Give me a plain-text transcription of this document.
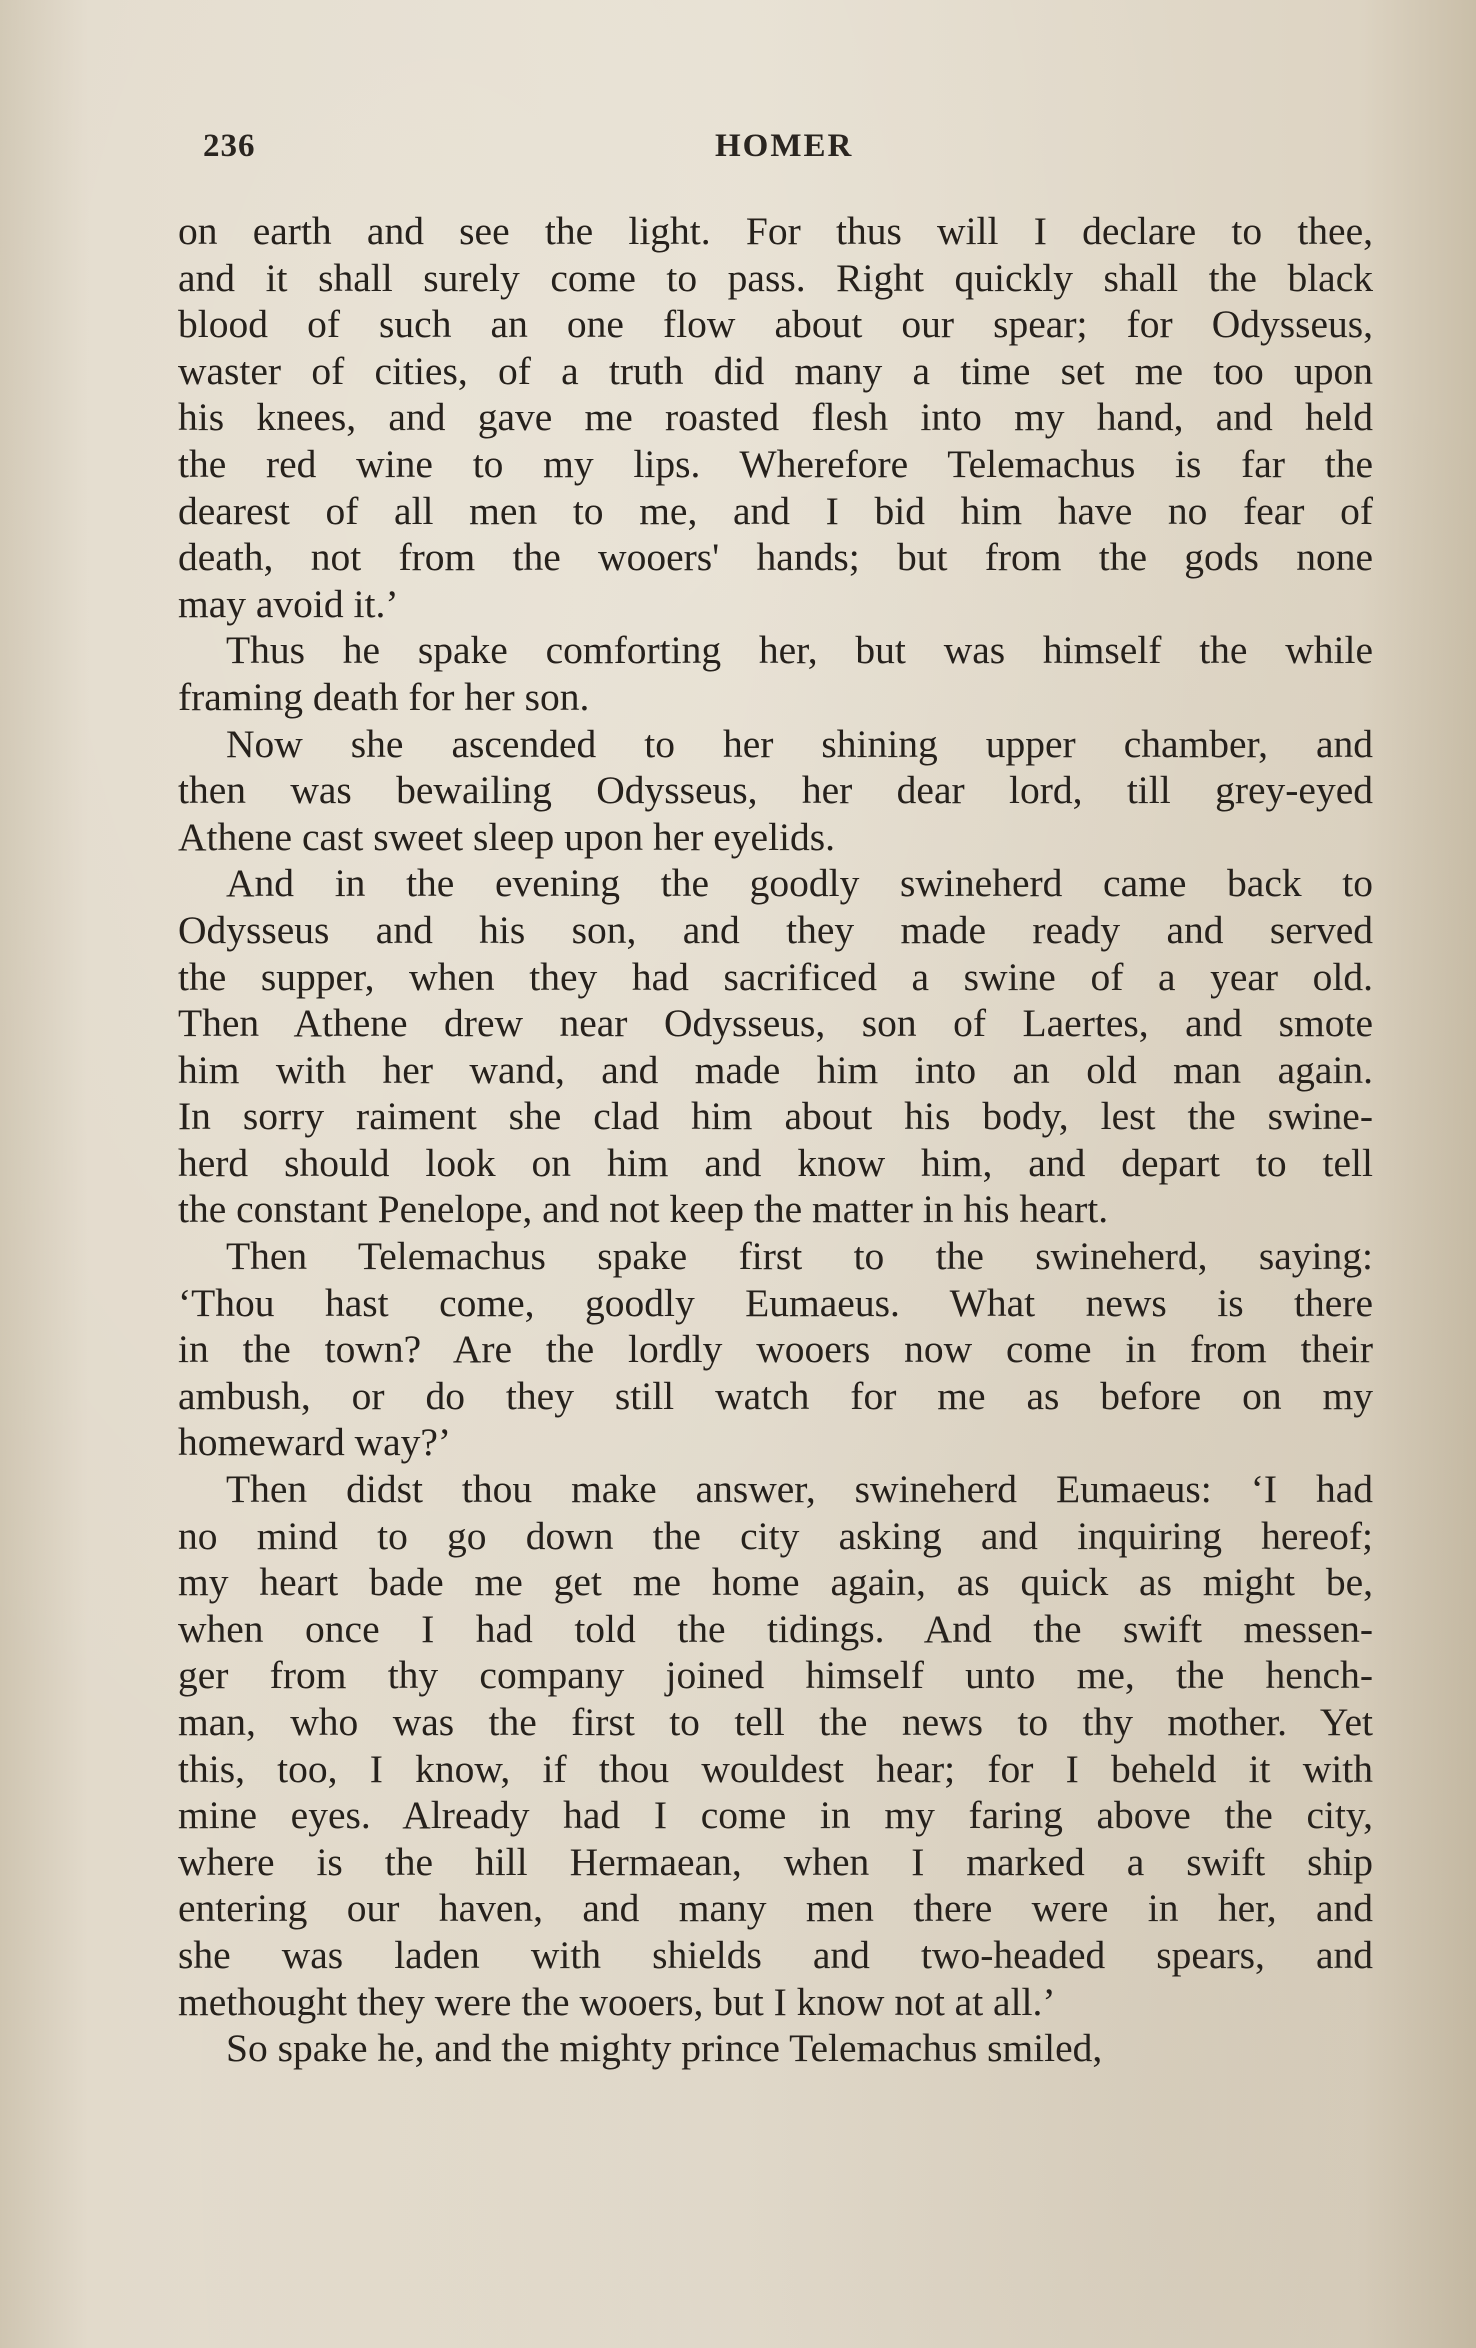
236	HOMER

on earth and see the light. For thus will I declare to thee,
and it shall surely come to pass. Right quickly shall the black
blood of such an one flow about our spear; for Odysseus,
waster of cities, of a truth did many a time set me too upon
his knees, and gave me roasted flesh into my hand, and held
the red wine to my lips. Wherefore Telemachus is far the
dearest of all men to me, and I bid him have no fear of
death, not from the wooers' hands; but from the gods none
may avoid it.’

Thus he spake comforting her, but was himself the while
framing death for her son.

Now she ascended to her shining upper chamber, and
then was bewailing Odysseus, her dear lord, till grey-eyed
Athene cast sweet sleep upon her eyelids.

And in the evening the goodly swineherd came back to
Odysseus and his son, and they made ready and served
the supper, when they had sacrificed a swine of a year old.
Then Athene drew near Odysseus, son of Laertes, and smote
him with her wand, and made him into an old man again.
In sorry raiment she clad him about his body, lest the swine-
herd should look on him and know him, and depart to tell
the constant Penelope, and not keep the matter in his heart.

Then Telemachus spake first to the swineherd, saying:
‘Thou hast come, goodly Eumaeus. What news is there
in the town? Are the lordly wooers now come in from their
ambush, or do they still watch for me as before on my
homeward way?’

Then didst thou make answer, swineherd Eumaeus: ‘I had
no mind to go down the city asking and inquiring hereof;
my heart bade me get me home again, as quick as might be,
when once I had told the tidings. And the swift messen-
ger from thy company joined himself unto me, the hench-
man, who was the first to tell the news to thy mother. Yet
this, too, I know, if thou wouldest hear; for I beheld it with
mine eyes. Already had I come in my faring above the city,
where is the hill Hermaean, when I marked a swift ship
entering our haven, and many men there were in her, and
she was laden with shields and two-headed spears, and
methought they were the wooers, but I know not at all.’

So spake he, and the mighty prince Telemachus smiled,
